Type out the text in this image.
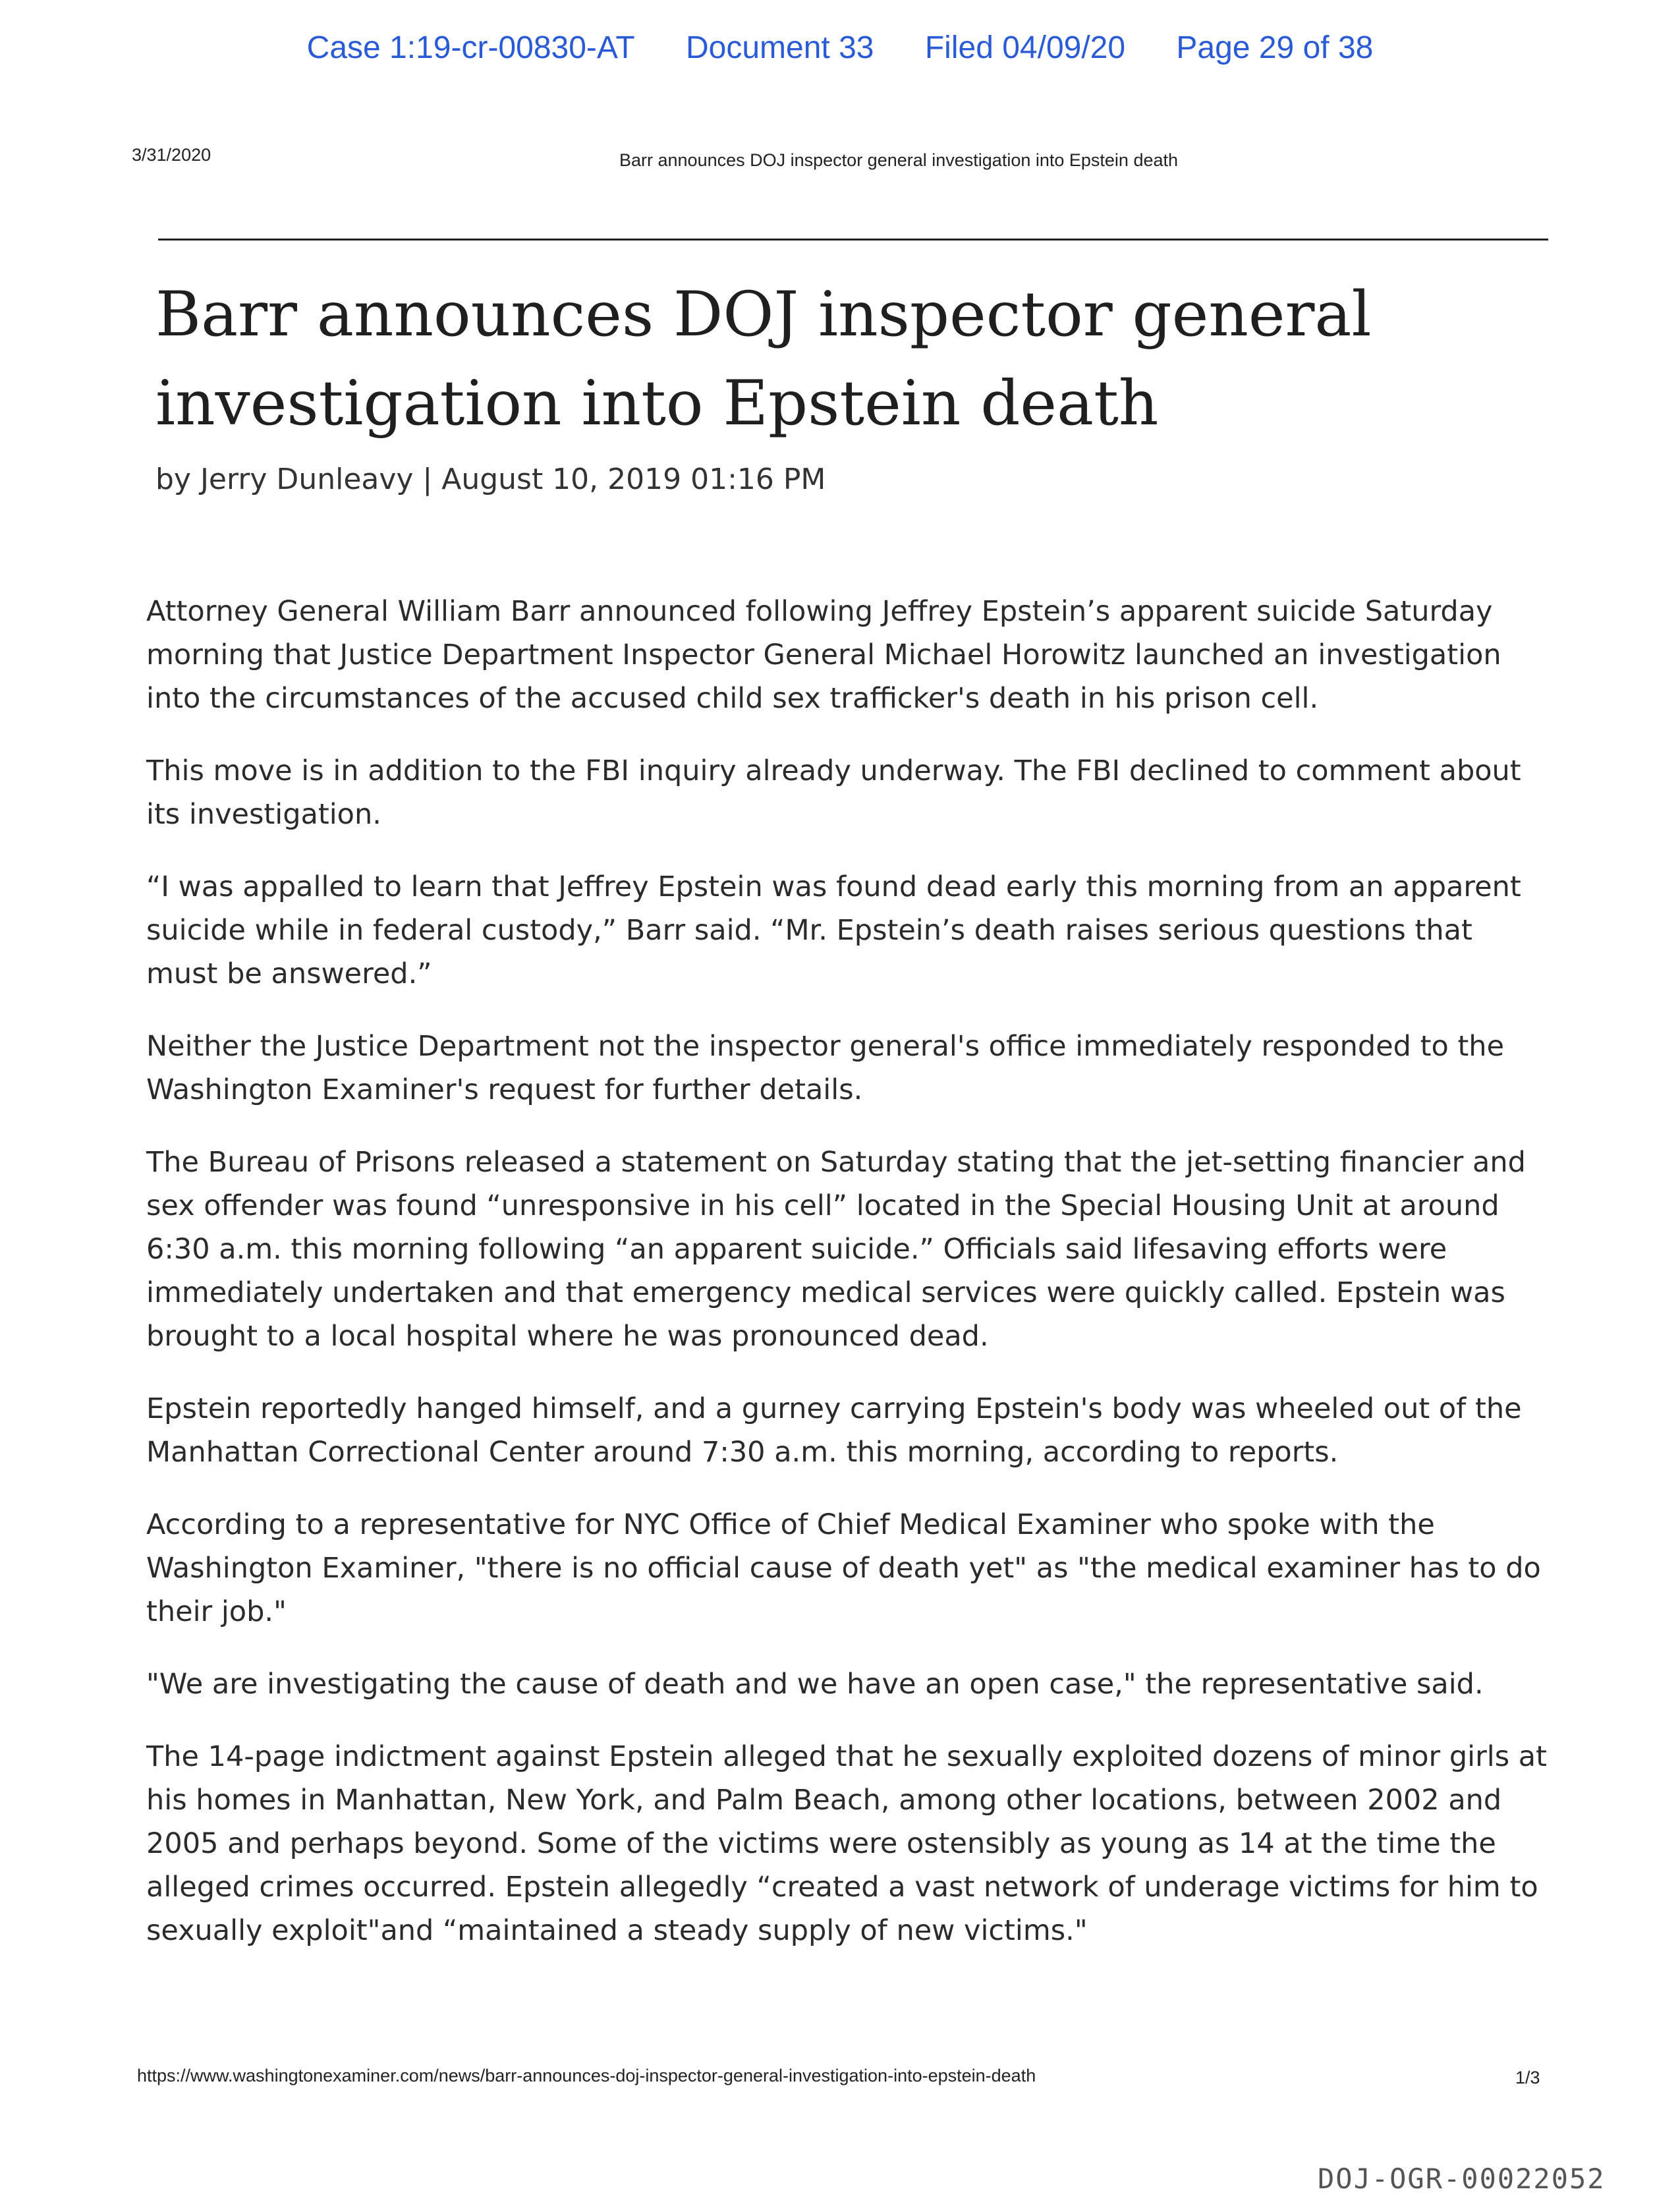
Case 1:19-cr-00830-AT Document 33 Filed 04/09/20 Page 29 of 38
3/31/2020	Barr announces DOJ inspector general investigation into Epstein death
Barr announces DOJ inspector general investigation into Epstein death
by Jerry Dunleavy | August 10, 2019 01:16 PM

Attorney General William Barr announced following Jeffrey Epstein’s apparent suicide Saturday morning that Justice Department Inspector General Michael Horowitz launched an investigation into the circumstances of the accused child sex trafficker's death in his prison cell.

This move is in addition to the FBI inquiry already underway. The FBI declined to comment about its investigation.

“I was appalled to learn that Jeffrey Epstein was found dead early this morning from an apparent suicide while in federal custody,” Barr said. “Mr. Epstein’s death raises serious questions that must be answered.”

Neither the Justice Department not the inspector general's office immediately responded to the Washington Examiner's request for further details.

The Bureau of Prisons released a statement on Saturday stating that the jet-setting financier and sex offender was found “unresponsive in his cell” located in the Special Housing Unit at around 6:30 a.m. this morning following “an apparent suicide.” Officials said lifesaving efforts were immediately undertaken and that emergency medical services were quickly called. Epstein was brought to a local hospital where he was pronounced dead.

Epstein reportedly hanged himself, and a gurney carrying Epstein's body was wheeled out of the Manhattan Correctional Center around 7:30 a.m. this morning, according to reports.

According to a representative for NYC Office of Chief Medical Examiner who spoke with the Washington Examiner, "there is no official cause of death yet" as "the medical examiner has to do their job."

"We are investigating the cause of death and we have an open case," the representative said.

The 14-page indictment against Epstein alleged that he sexually exploited dozens of minor girls at his homes in Manhattan, New York, and Palm Beach, among other locations, between 2002 and 2005 and perhaps beyond. Some of the victims were ostensibly as young as 14 at the time the alleged crimes occurred. Epstein allegedly “created a vast network of underage victims for him to sexually exploit"and “maintained a steady supply of new victims."

https://www.washingtonexaminer.com/news/barr-announces-doj-inspector-general-investigation-into-epstein-death	1/3
DOJ-OGR-00022052
